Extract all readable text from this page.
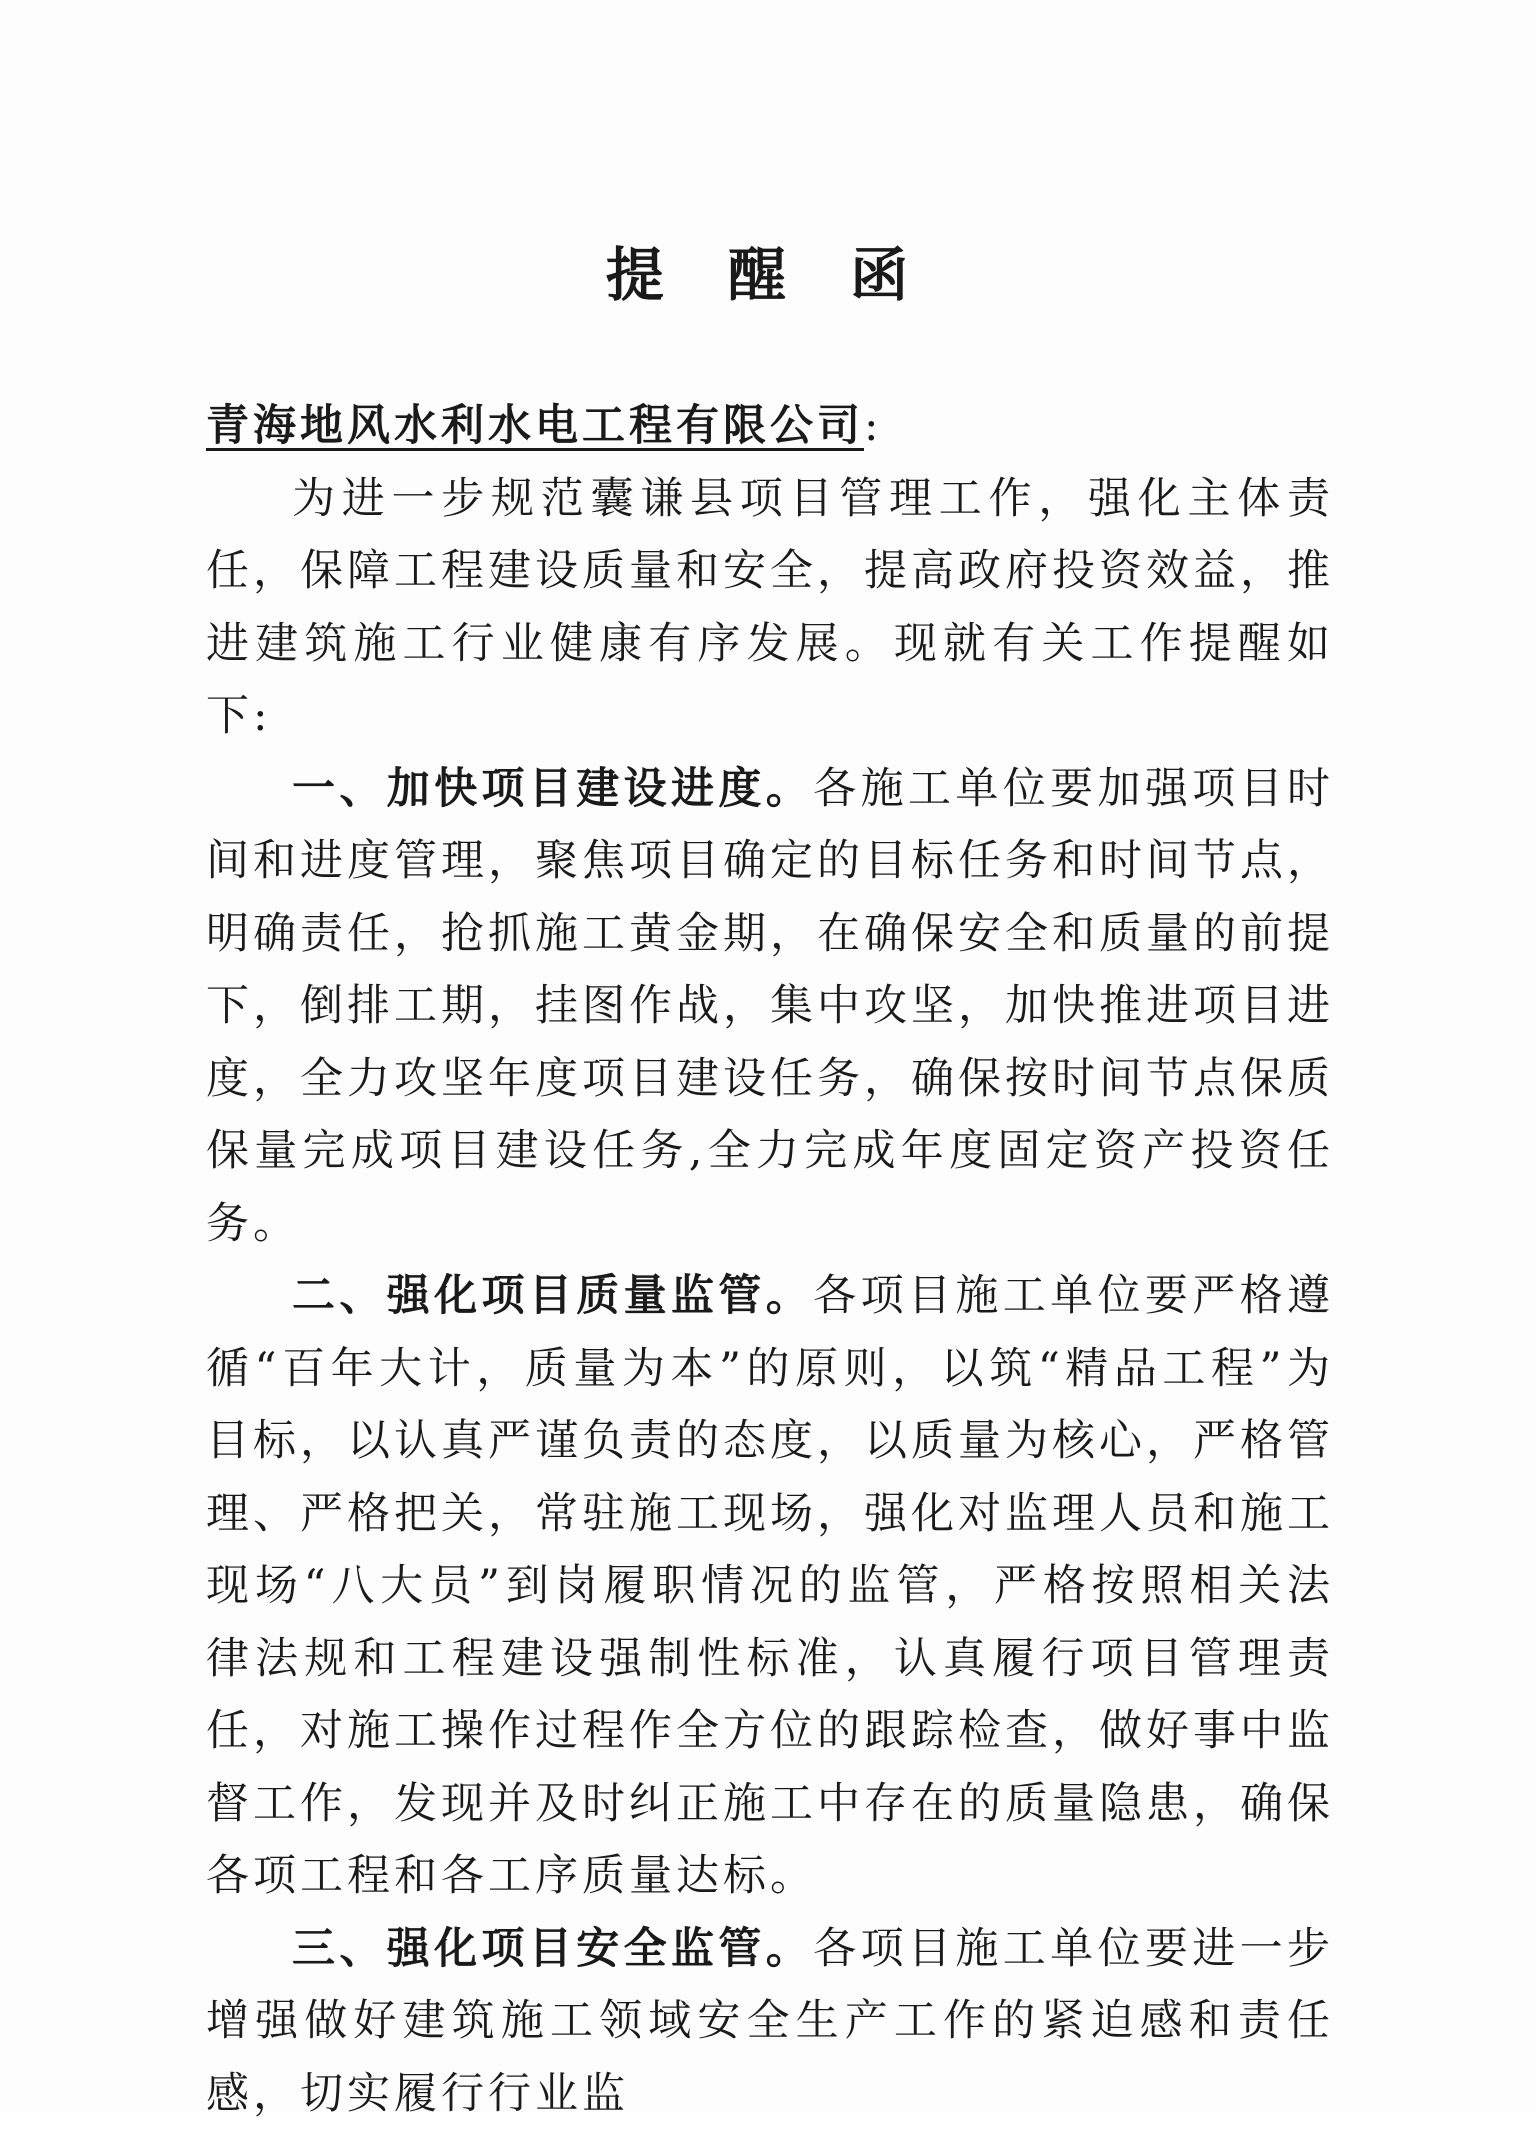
提 醒 函

青海地风水利水电工程有限公司:

为进一步规范囊谦县项目管理工作，强化主体责任，保障工程建设质量和安全，提高政府投资效益，推进建筑施工行业健康有序发展。现就有关工作提醒如下:

一、加快项目建设进度。各施工单位要加强项目时间和进度管理，聚焦项目确定的目标任务和时间节点，明确责任，抢抓施工黄金期，在确保安全和质量的前提下，倒排工期，挂图作战，集中攻坚，加快推进项目进度，全力攻坚年度项目建设任务，确保按时间节点保质保量完成项目建设任务,全力完成年度固定资产投资任务。

二、强化项目质量监管。各项目施工单位要严格遵循“百年大计，质量为本”的原则，以筑“精品工程”为目标，以认真严谨负责的态度，以质量为核心，严格管理、严格把关，常驻施工现场，强化对监理人员和施工现场“八大员”到岗履职情况的监管，严格按照相关法律法规和工程建设强制性标准，认真履行项目管理责任，对施工操作过程作全方位的跟踪检查，做好事中监督工作，发现并及时纠正施工中存在的质量隐患，确保各项工程和各工序质量达标。

三、强化项目安全监管。各项目施工单位要进一步增强做好建筑施工领域安全生产工作的紧迫感和责任感，切实履行行业监
